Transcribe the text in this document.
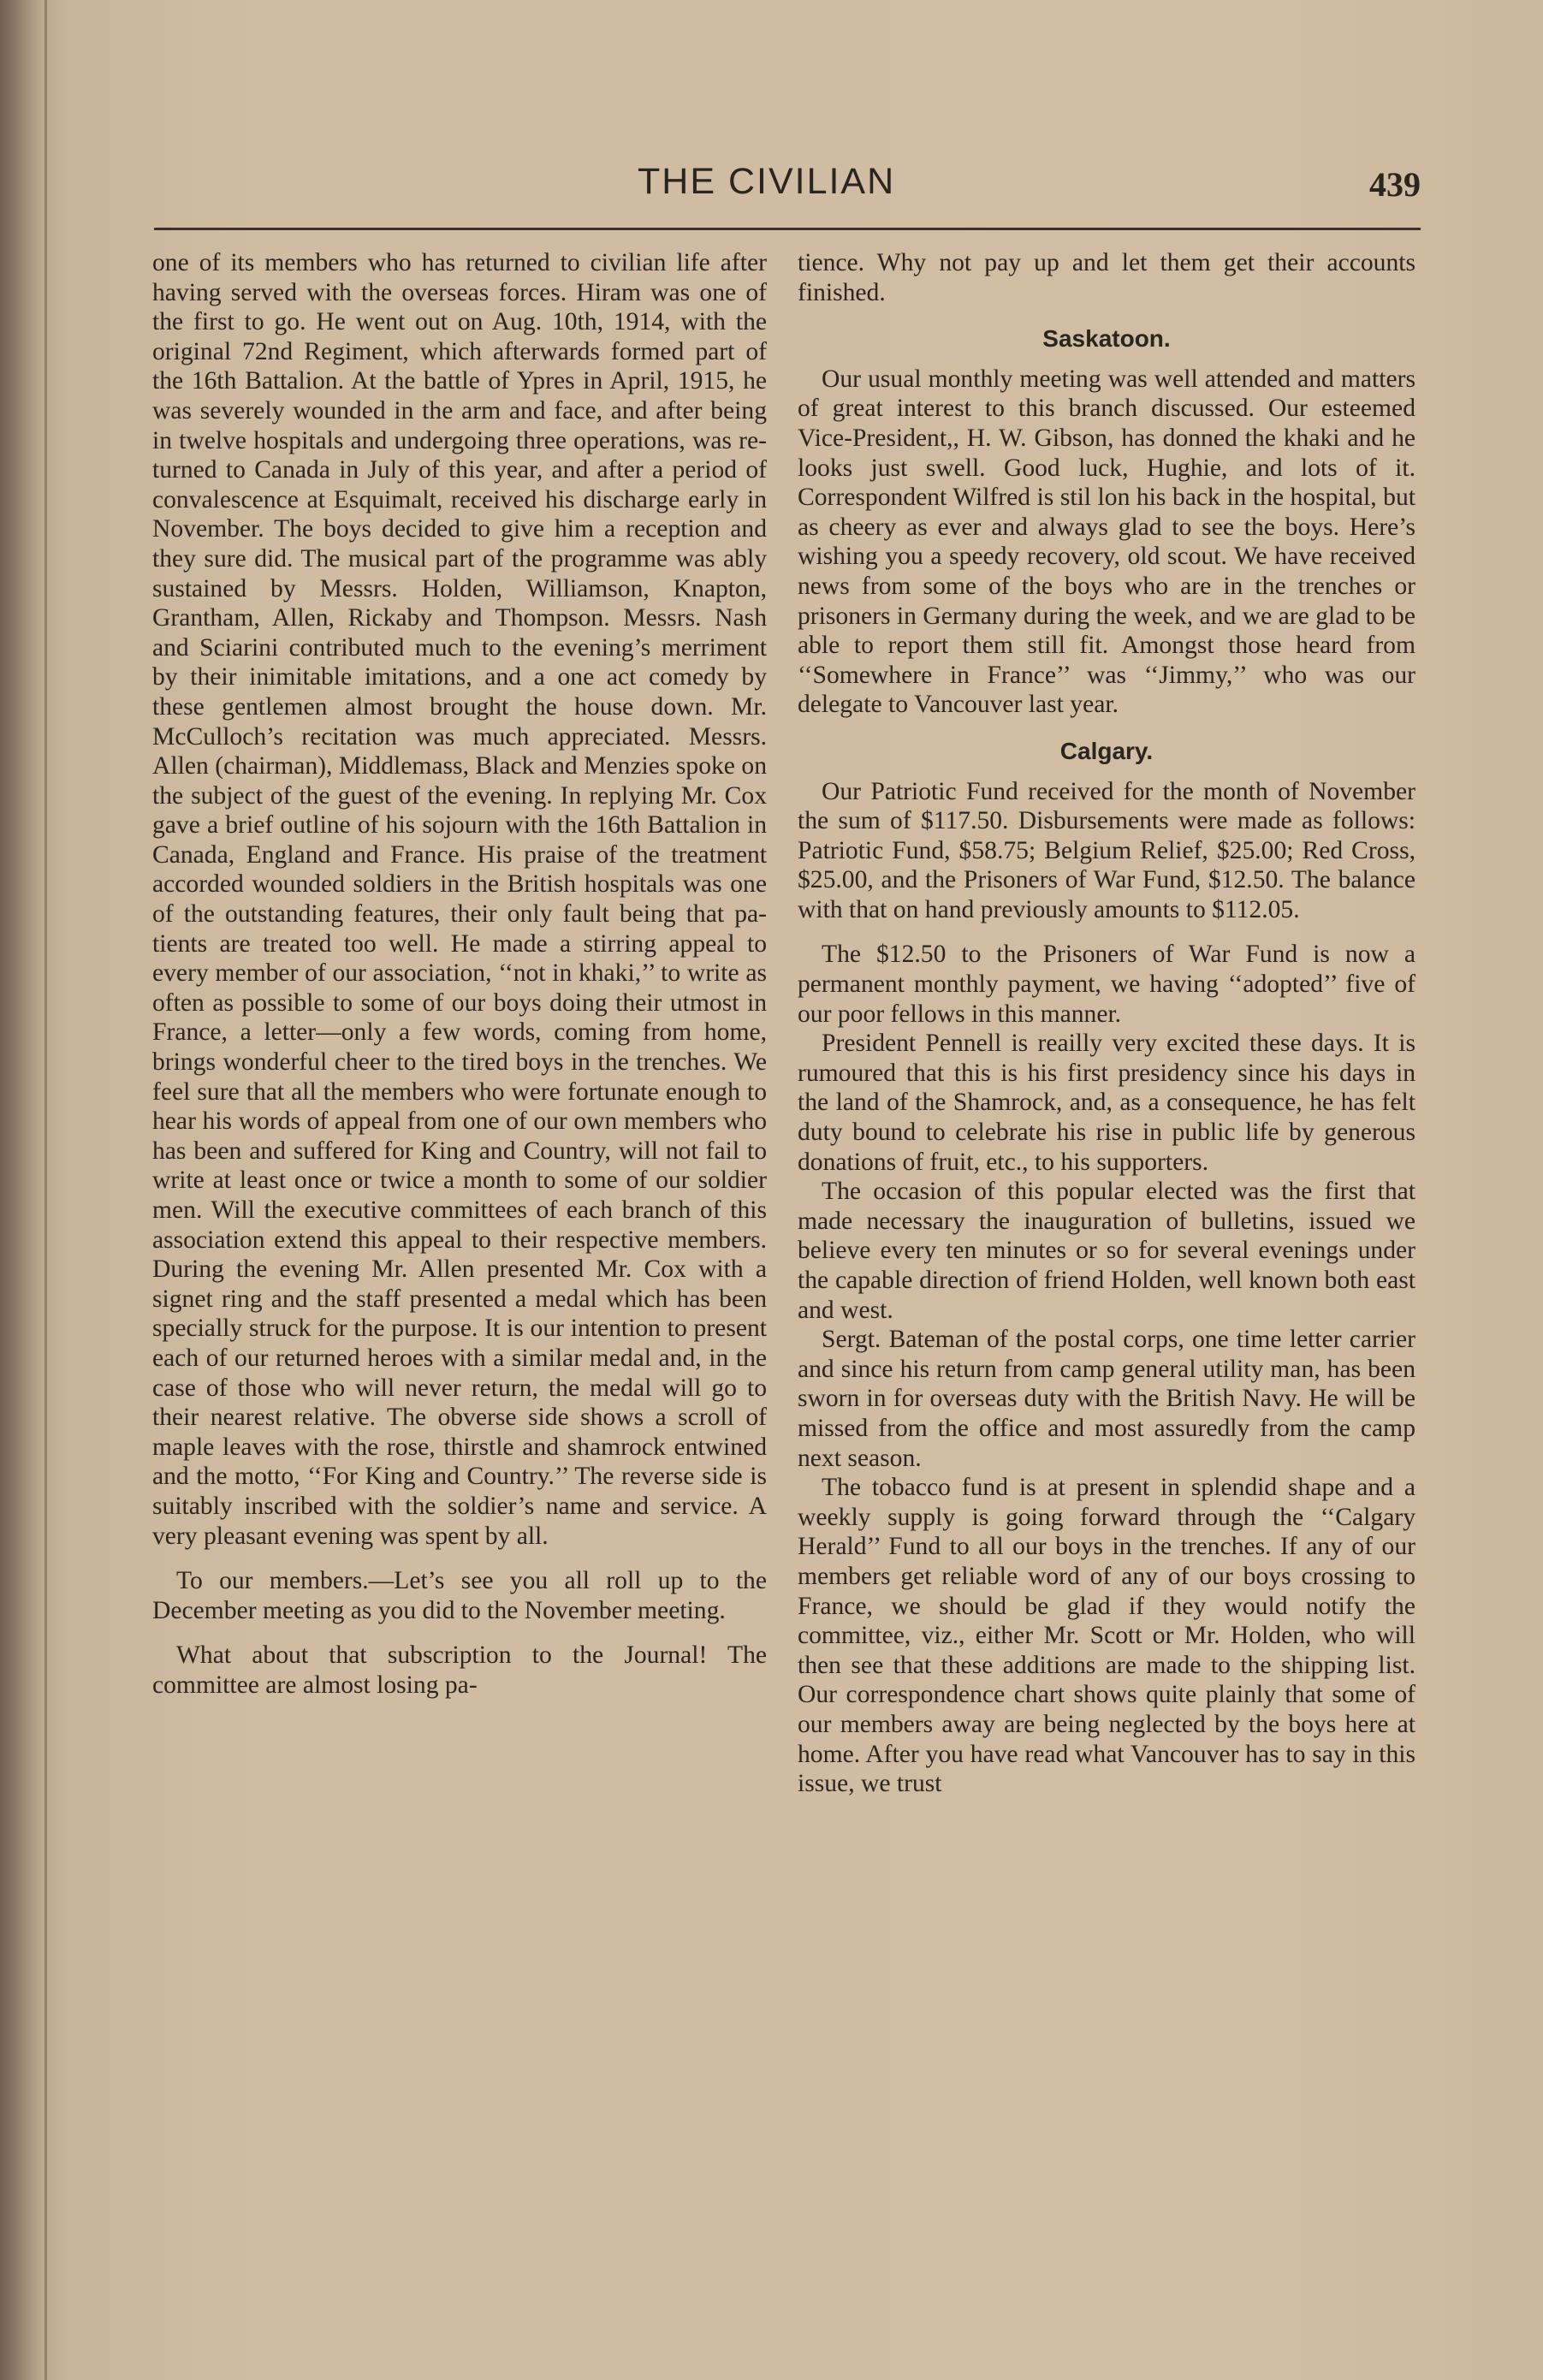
THE CIVILIAN	439

one of its members who has returned to civilian life after having served with the overseas forces. Hiram was one of the first to go. He went out on Aug. 10th, 1914, with the original 72nd Regiment, which afterwards formed part of the 16th Battalion. At the battle of Ypres in April, 1915, he was severely wounded in the arm and face, and after being in twelve hospitals and undergoing three operations, was returned to Canada in July of this year, and after a period of convalescence at Esquimalt, received his discharge early in November. The boys decided to give him a reception and they sure did. The musical part of the programme was ably sustained by Messrs. Holden, Williamson, Knapton, Grantham, Allen, Rickaby and Thompson. Messrs. Nash and Sciarini contributed much to the evening’s merriment by their inimitable imitations, and a one act comedy by these gentlemen almost brought the house down. Mr. McCulloch’s recitation was much appreciated. Messrs. Allen (chairman), Middlemass, Black and Menzies spoke on the subject of the guest of the evening. In replying Mr. Cox gave a brief outline of his sojourn with the 16th Battalion in Canada, England and France. His praise of the treatment accorded wounded soldiers in the British hospitals was one of the outstanding features, their only fault being that patients are treated too well. He made a stirring appeal to every member of our association, ‘‘not in khaki,’’ to write as often as possible to some of our boys doing their utmost in France, a letter—only a few words, coming from home, brings wonderful cheer to the tired boys in the trenches. We feel sure that all the members who were fortunate enough to hear his words of appeal from one of our own members who has been and suffered for King and Country, will not fail to write at least once or twice a month to some of our soldier men. Will the executive committees of each branch of this association extend this appeal to their respective members. During the evening Mr. Allen presented Mr. Cox with a signet ring and the staff presented a medal which has been specially struck for the purpose. It is our intention to present each of our returned heroes with a similar medal and, in the case of those who will never return, the medal will go to their nearest relative. The obverse side shows a scroll of maple leaves with the rose, thirstle and shamrock entwined and the motto, ‘‘For King and Country.’’ The reverse side is suitably inscribed with the soldier’s name and service. A very pleasant evening was spent by all.

To our members.—Let’s see you all roll up to the December meeting as you did to the November meeting.

What about that subscription to the Journal! The committee are almost losing pa-

tience. Why not pay up and let them get their accounts finished.

Saskatoon.

Our usual monthly meeting was well attended and matters of great interest to this branch discussed. Our esteemed Vice-President,, H. W. Gibson, has donned the khaki and he looks just swell. Good luck, Hughie, and lots of it. Correspondent Wilfred is stil lon his back in the hospital, but as cheery as ever and always glad to see the boys. Here’s wishing you a speedy recovery, old scout. We have received news from some of the boys who are in the trenches or prisoners in Germany during the week, and we are glad to be able to report them still fit. Amongst those heard from ‘‘Somewhere in France’’ was ‘‘Jimmy,’’ who was our delegate to Vancouver last year.

Calgary.

Our Patriotic Fund received for the month of November the sum of $117.50. Disbursements were made as follows: Patriotic Fund, $58.75; Belgium Relief, $25.00; Red Cross, $25.00, and the Prisoners of War Fund, $12.50. The balance with that on hand previously amounts to $112.05.

The $12.50 to the Prisoners of War Fund is now a permanent monthly payment, we having ‘‘adopted’’ five of our poor fellows in this manner.

President Pennell is reailly very excited these days. It is rumoured that this is his first presidency since his days in the land of the Shamrock, and, as a consequence, he has felt duty bound to celebrate his rise in public life by generous donations of fruit, etc., to his supporters.

The occasion of this popular elected was the first that made necessary the inauguration of bulletins, issued we believe every ten minutes or so for several evenings under the capable direction of friend Holden, well known both east and west.

Sergt. Bateman of the postal corps, one time letter carrier and since his return from camp general utility man, has been sworn in for overseas duty with the British Navy. He will be missed from the office and most assuredly from the camp next season.

The tobacco fund is at present in splendid shape and a weekly supply is going forward through the ‘‘Calgary Herald’’ Fund to all our boys in the trenches. If any of our members get reliable word of any of our boys crossing to France, we should be glad if they would notify the committee, viz., either Mr. Scott or Mr. Holden, who will then see that these additions are made to the shipping list. Our correspondence chart shows quite plainly that some of our members away are being neglected by the boys here at home. After you have read what Vancouver has to say in this issue, we trust
